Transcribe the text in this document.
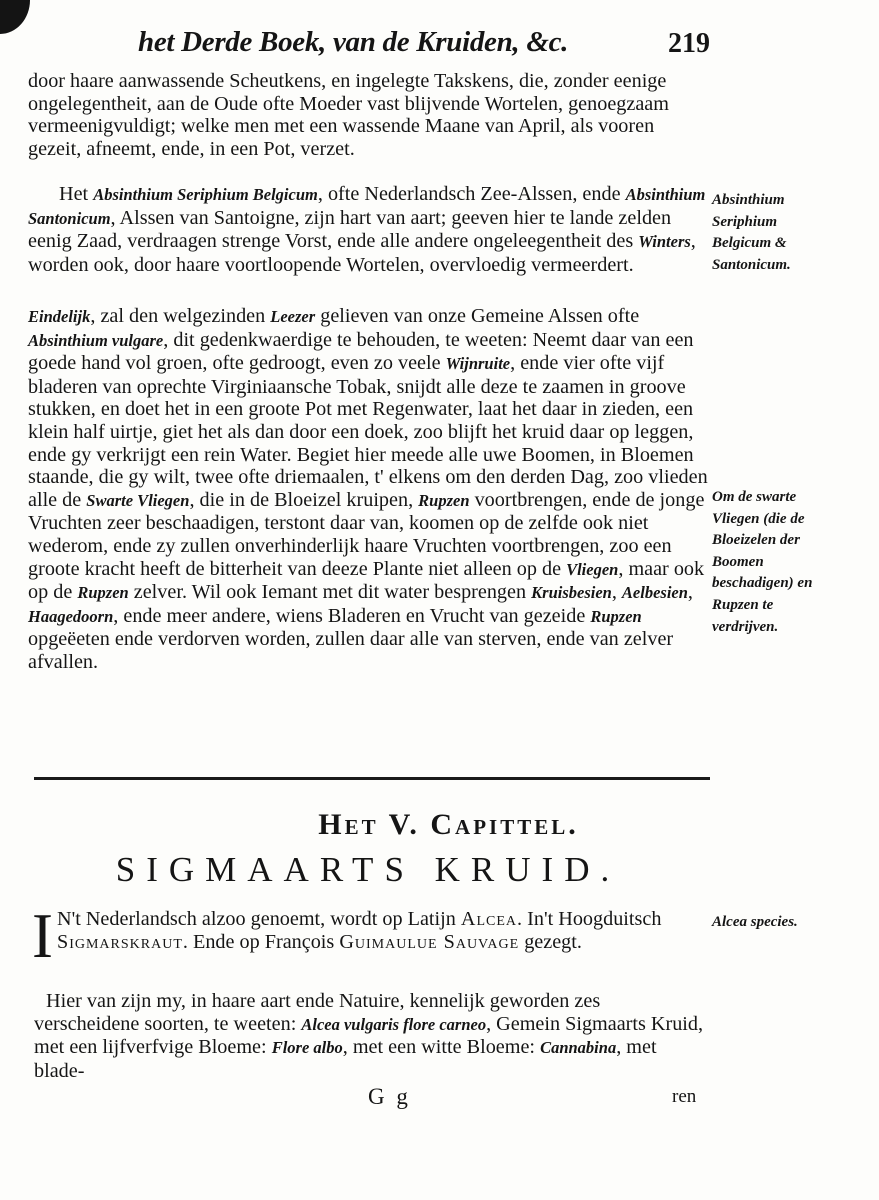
het Derde Boek, van de Kruiden, &c.	219

door haare aanwassende Scheutkens, en ingelegte Takskens, die, zonder eenige ongelegentheit, aan de Oude ofte Moeder vast blijvende Wortelen, genoegzaam vermeenigvuldigt; welke men met een wassende Maane van April, als vooren gezeit, afneemt, ende, in een Pot, verzet.

Het Absinthium Seriphium Belgicum, ofte Nederlandsch Zee-Alssen, ende Absinthium Santonicum, Alssen van Santoigne, zijn hart van aart; geeven hier te lande zelden eenig Zaad, verdraagen strenge Vorst, ende alle andere ongeleegentheit des Winters, worden ook, door haare voortloopende Wortelen, overvloedig vermeerdert.

Eindelijk, zal den welgezinden Leezer gelieven van onze Gemeine Alssen ofte Absinthium vulgare, dit gedenkwaerdige te behouden, te weeten: Neemt daar van een goede hand vol groen, ofte gedroogt, even zo veele Wijnruite, ende vier ofte vijf bladeren van oprechte Virginiaansche Tobak, snijdt alle deze te zaamen in groove stukken, en doet het in een groote Pot met Regenwater, laat het daar in zieden, een klein half uirtje, giet het als dan door een doek, zoo blijft het kruid daar op leggen, ende gy verkrijgt een rein Water. Begiet hier meede alle uwe Boomen, in Bloemen staande, die gy wilt, twee ofte driemaalen, t' elkens om den derden Dag, zoo vlieden alle de Swarte Vliegen, die in de Bloeizel kruipen, Rupzen voortbrengen, ende de jonge Vruchten zeer beschaadigen, terstont daar van, koomen op de zelfde ook niet wederom, ende zy zullen onverhinderlijk haare Vruchten voortbrengen, zoo een groote kracht heeft de bitterheit van deeze Plante niet alleen op de Vliegen, maar ook op de Rupzen zelver. Wil ook Iemant met dit water besprengen Kruisbesien, Aelbesien, Haagedoorn, ende meer andere, wiens Bladeren en Vrucht van gezeide Rupzen opgeëeten ende verdorven worden, zullen daar alle van sterven, ende van zelver afvallen.

Absinthium Seriphium Belgicum & Santonicum.
Om de swarte Vliegen (die de Bloeizelen der Boomen beschadigen) en Rupzen te verdrijven.
Alcea species.
Het V. Capittel.
SIGMAARTS KRUID.

I N't Nederlandsch alzoo genoemt, wordt op Latijn Alcea. In't Hoogduitsch Sigmarskraut. Ende op François Guimaulue Sauvage gezegt.

Hier van zijn my, in haare aart ende Natuire, kennelijk geworden zes verscheidene soorten, te weeten: Alcea vulgaris flore carneo, Gemein Sigmaarts Kruid, met een lijfverfvige Bloeme: Flore albo, met een witte Bloeme: Cannabina, met blade-

G g	ren
